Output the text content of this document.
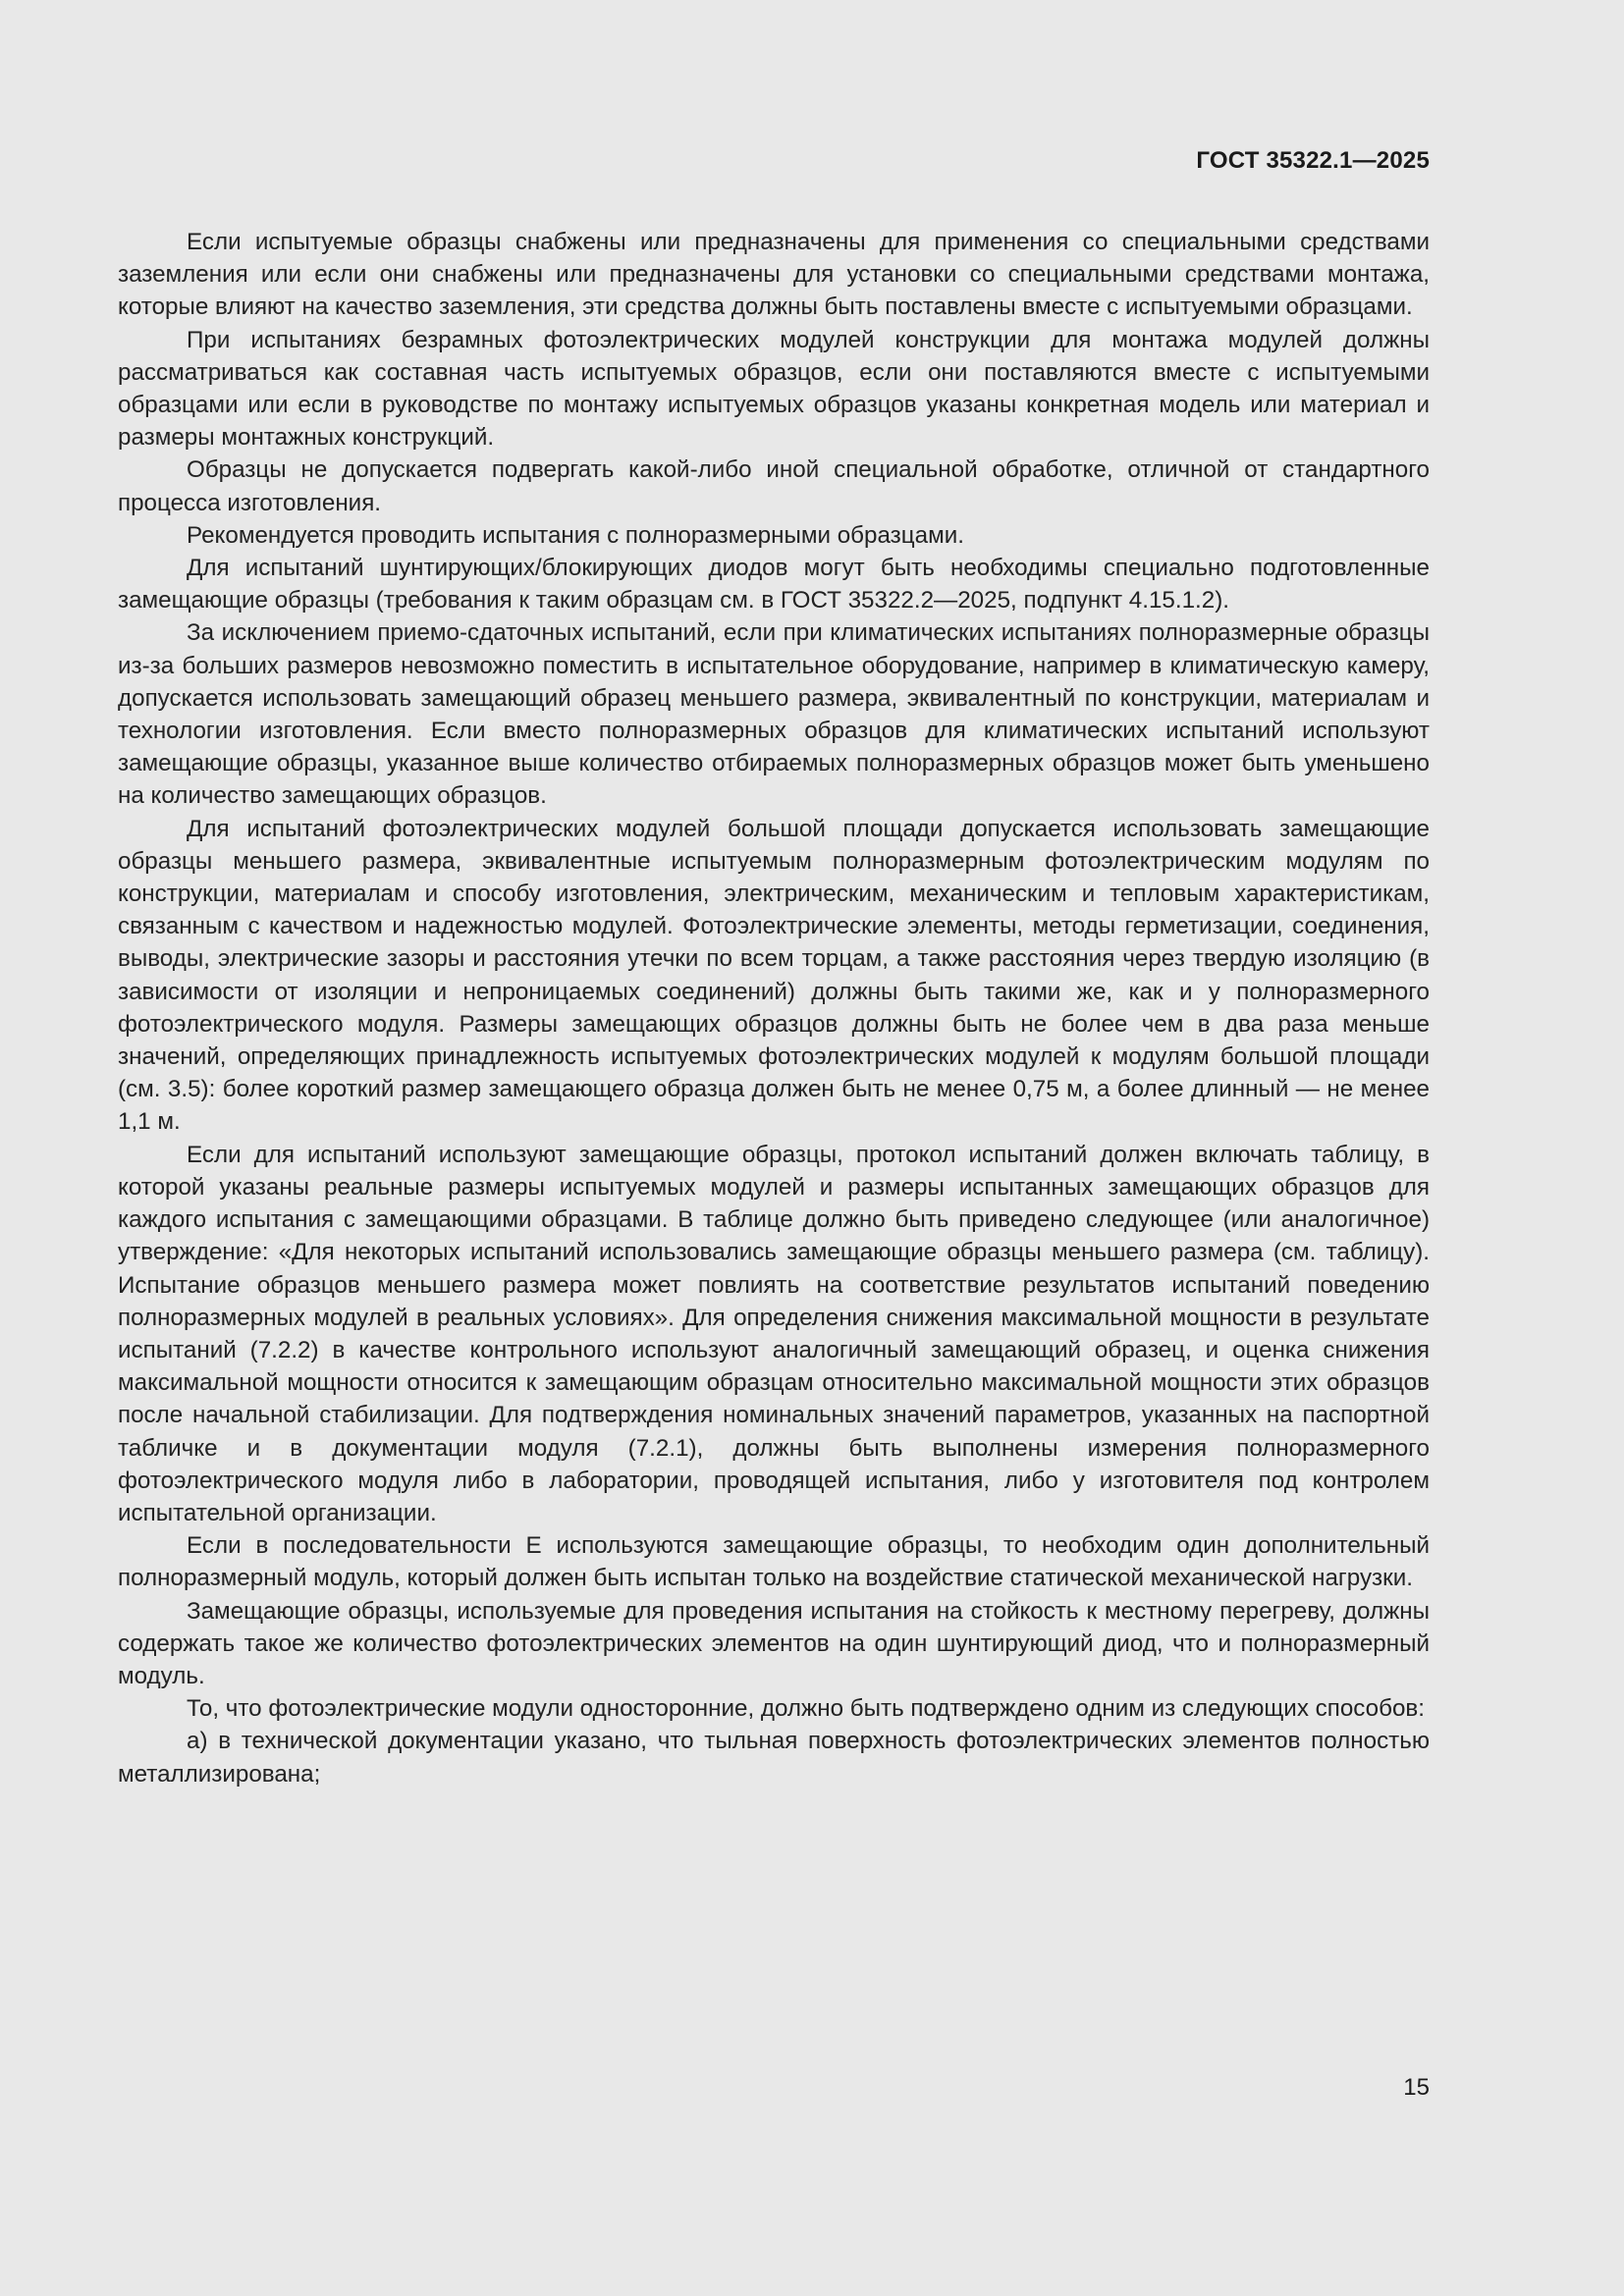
ГОСТ 35322.1—2025

Если испытуемые образцы снабжены или предназначены для применения со специальными средствами заземления или если они снабжены или предназначены для установки со специальными средствами монтажа, которые влияют на качество заземления, эти средства должны быть поставлены вместе с испытуемыми образцами.

При испытаниях безрамных фотоэлектрических модулей конструкции для монтажа модулей должны рассматриваться как составная часть испытуемых образцов, если они поставляются вместе с испытуемыми образцами или если в руководстве по монтажу испытуемых образцов указаны конкретная модель или материал и размеры монтажных конструкций.

Образцы не допускается подвергать какой-либо иной специальной обработке, отличной от стандартного процесса изготовления.

Рекомендуется проводить испытания с полноразмерными образцами.

Для испытаний шунтирующих/блокирующих диодов могут быть необходимы специально подготовленные замещающие образцы (требования к таким образцам см. в ГОСТ 35322.2—2025, подпункт 4.15.1.2).

За исключением приемо-сдаточных испытаний, если при климатических испытаниях полноразмерные образцы из-за больших размеров невозможно поместить в испытательное оборудование, например в климатическую камеру, допускается использовать замещающий образец меньшего размера, эквивалентный по конструкции, материалам и технологии изготовления. Если вместо полноразмерных образцов для климатических испытаний используют замещающие образцы, указанное выше количество отбираемых полноразмерных образцов может быть уменьшено на количество замещающих образцов.

Для испытаний фотоэлектрических модулей большой площади допускается использовать замещающие образцы меньшего размера, эквивалентные испытуемым полноразмерным фотоэлектрическим модулям по конструкции, материалам и способу изготовления, электрическим, механическим и тепловым характеристикам, связанным с качеством и надежностью модулей. Фотоэлектрические элементы, методы герметизации, соединения, выводы, электрические зазоры и расстояния утечки по всем торцам, а также расстояния через твердую изоляцию (в зависимости от изоляции и непроницаемых соединений) должны быть такими же, как и у полноразмерного фотоэлектрического модуля. Размеры замещающих образцов должны быть не более чем в два раза меньше значений, определяющих принадлежность испытуемых фотоэлектрических модулей к модулям большой площади (см. 3.5): более короткий размер замещающего образца должен быть не менее 0,75 м, а более длинный — не менее 1,1 м.

Если для испытаний используют замещающие образцы, протокол испытаний должен включать таблицу, в которой указаны реальные размеры испытуемых модулей и размеры испытанных замещающих образцов для каждого испытания с замещающими образцами. В таблице должно быть приведено следующее (или аналогичное) утверждение: «Для некоторых испытаний использовались замещающие образцы меньшего размера (см. таблицу). Испытание образцов меньшего размера может повлиять на соответствие результатов испытаний поведению полноразмерных модулей в реальных условиях». Для определения снижения максимальной мощности в результате испытаний (7.2.2) в качестве контрольного используют аналогичный замещающий образец, и оценка снижения максимальной мощности относится к замещающим образцам относительно максимальной мощности этих образцов после начальной стабилизации. Для подтверждения номинальных значений параметров, указанных на паспортной табличке и в документации модуля (7.2.1), должны быть выполнены измерения полноразмерного фотоэлектрического модуля либо в лаборатории, проводящей испытания, либо у изготовителя под контролем испытательной организации.

Если в последовательности Е используются замещающие образцы, то необходим один дополнительный полноразмерный модуль, который должен быть испытан только на воздействие статической механической нагрузки.

Замещающие образцы, используемые для проведения испытания на стойкость к местному перегреву, должны содержать такое же количество фотоэлектрических элементов на один шунтирующий диод, что и полноразмерный модуль.

То, что фотоэлектрические модули односторонние, должно быть подтверждено одним из следующих способов:

а) в технической документации указано, что тыльная поверхность фотоэлектрических элементов полностью металлизирована;

15
